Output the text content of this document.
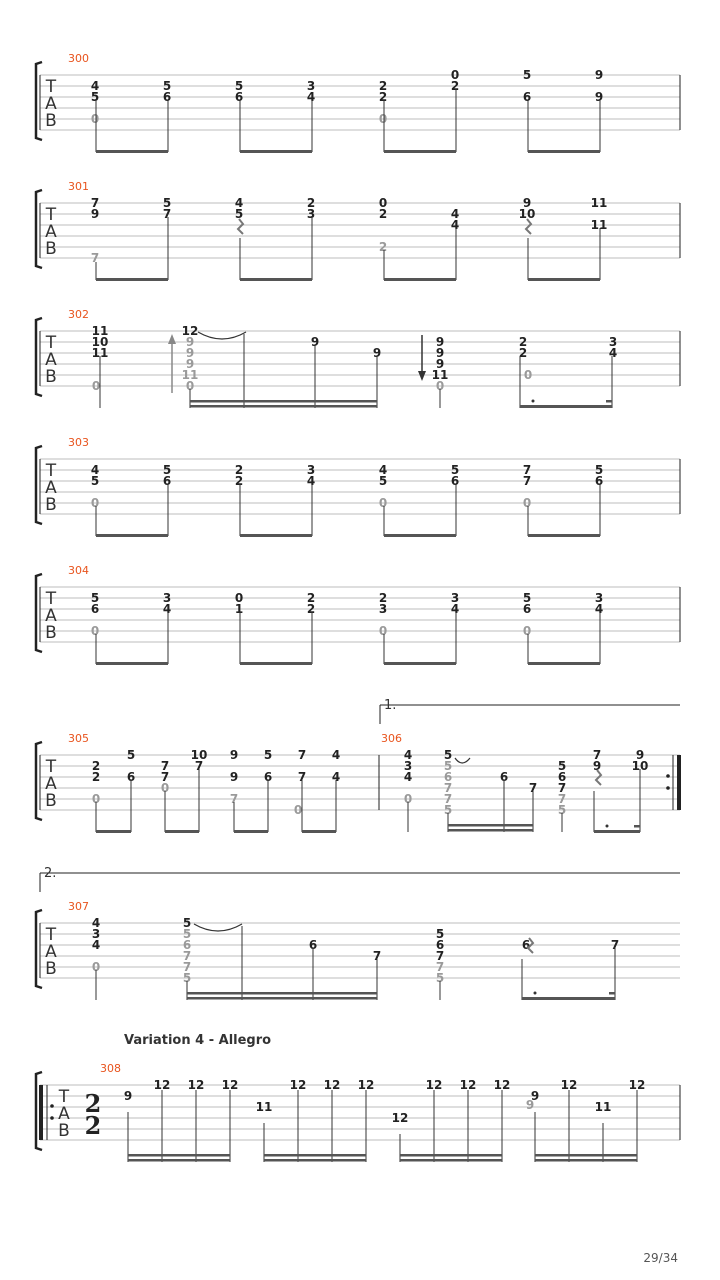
T
A
B
300
4
5
0
5
6
5
6
3
4
2
2
0
0
2
5
6
9
9
T
A
B
301
7
9
7
5
7
4
5
2
3
0
2
2
4
4
9
10
11
11
T
A
B
302
11
10
11
0
12
9
9
9
11
0
9
9
9
9
9
11
0
2
2
0
3
4
T
A
B
303
4
5
0
5
6
2
2
3
4
4
5
0
5
6
7
7
0
5
6
T
A
B
304
5
6
0
3
4
0
1
2
2
2
3
0
3
4
5
6
0
3
4
1.
T
A
B
305	306
2
2
0
5
6
7
7
0
10
7
9
9
7
5
6
7
7
0
4
4
4
3
4
0
5
5
6
7
7
5
6
7
5
6
7
7
5
7
9
9
10
2.
T
A
B
307
4
3
4
0
5
5
6
7
7
5
6
7
5
6
7
7
5
6	7
Variation 4 - Allegro
T
A
B
2
2
308
9
12 12 12
11
12 12 12
12
12 12 12
9
12
11
12
9
29/34
